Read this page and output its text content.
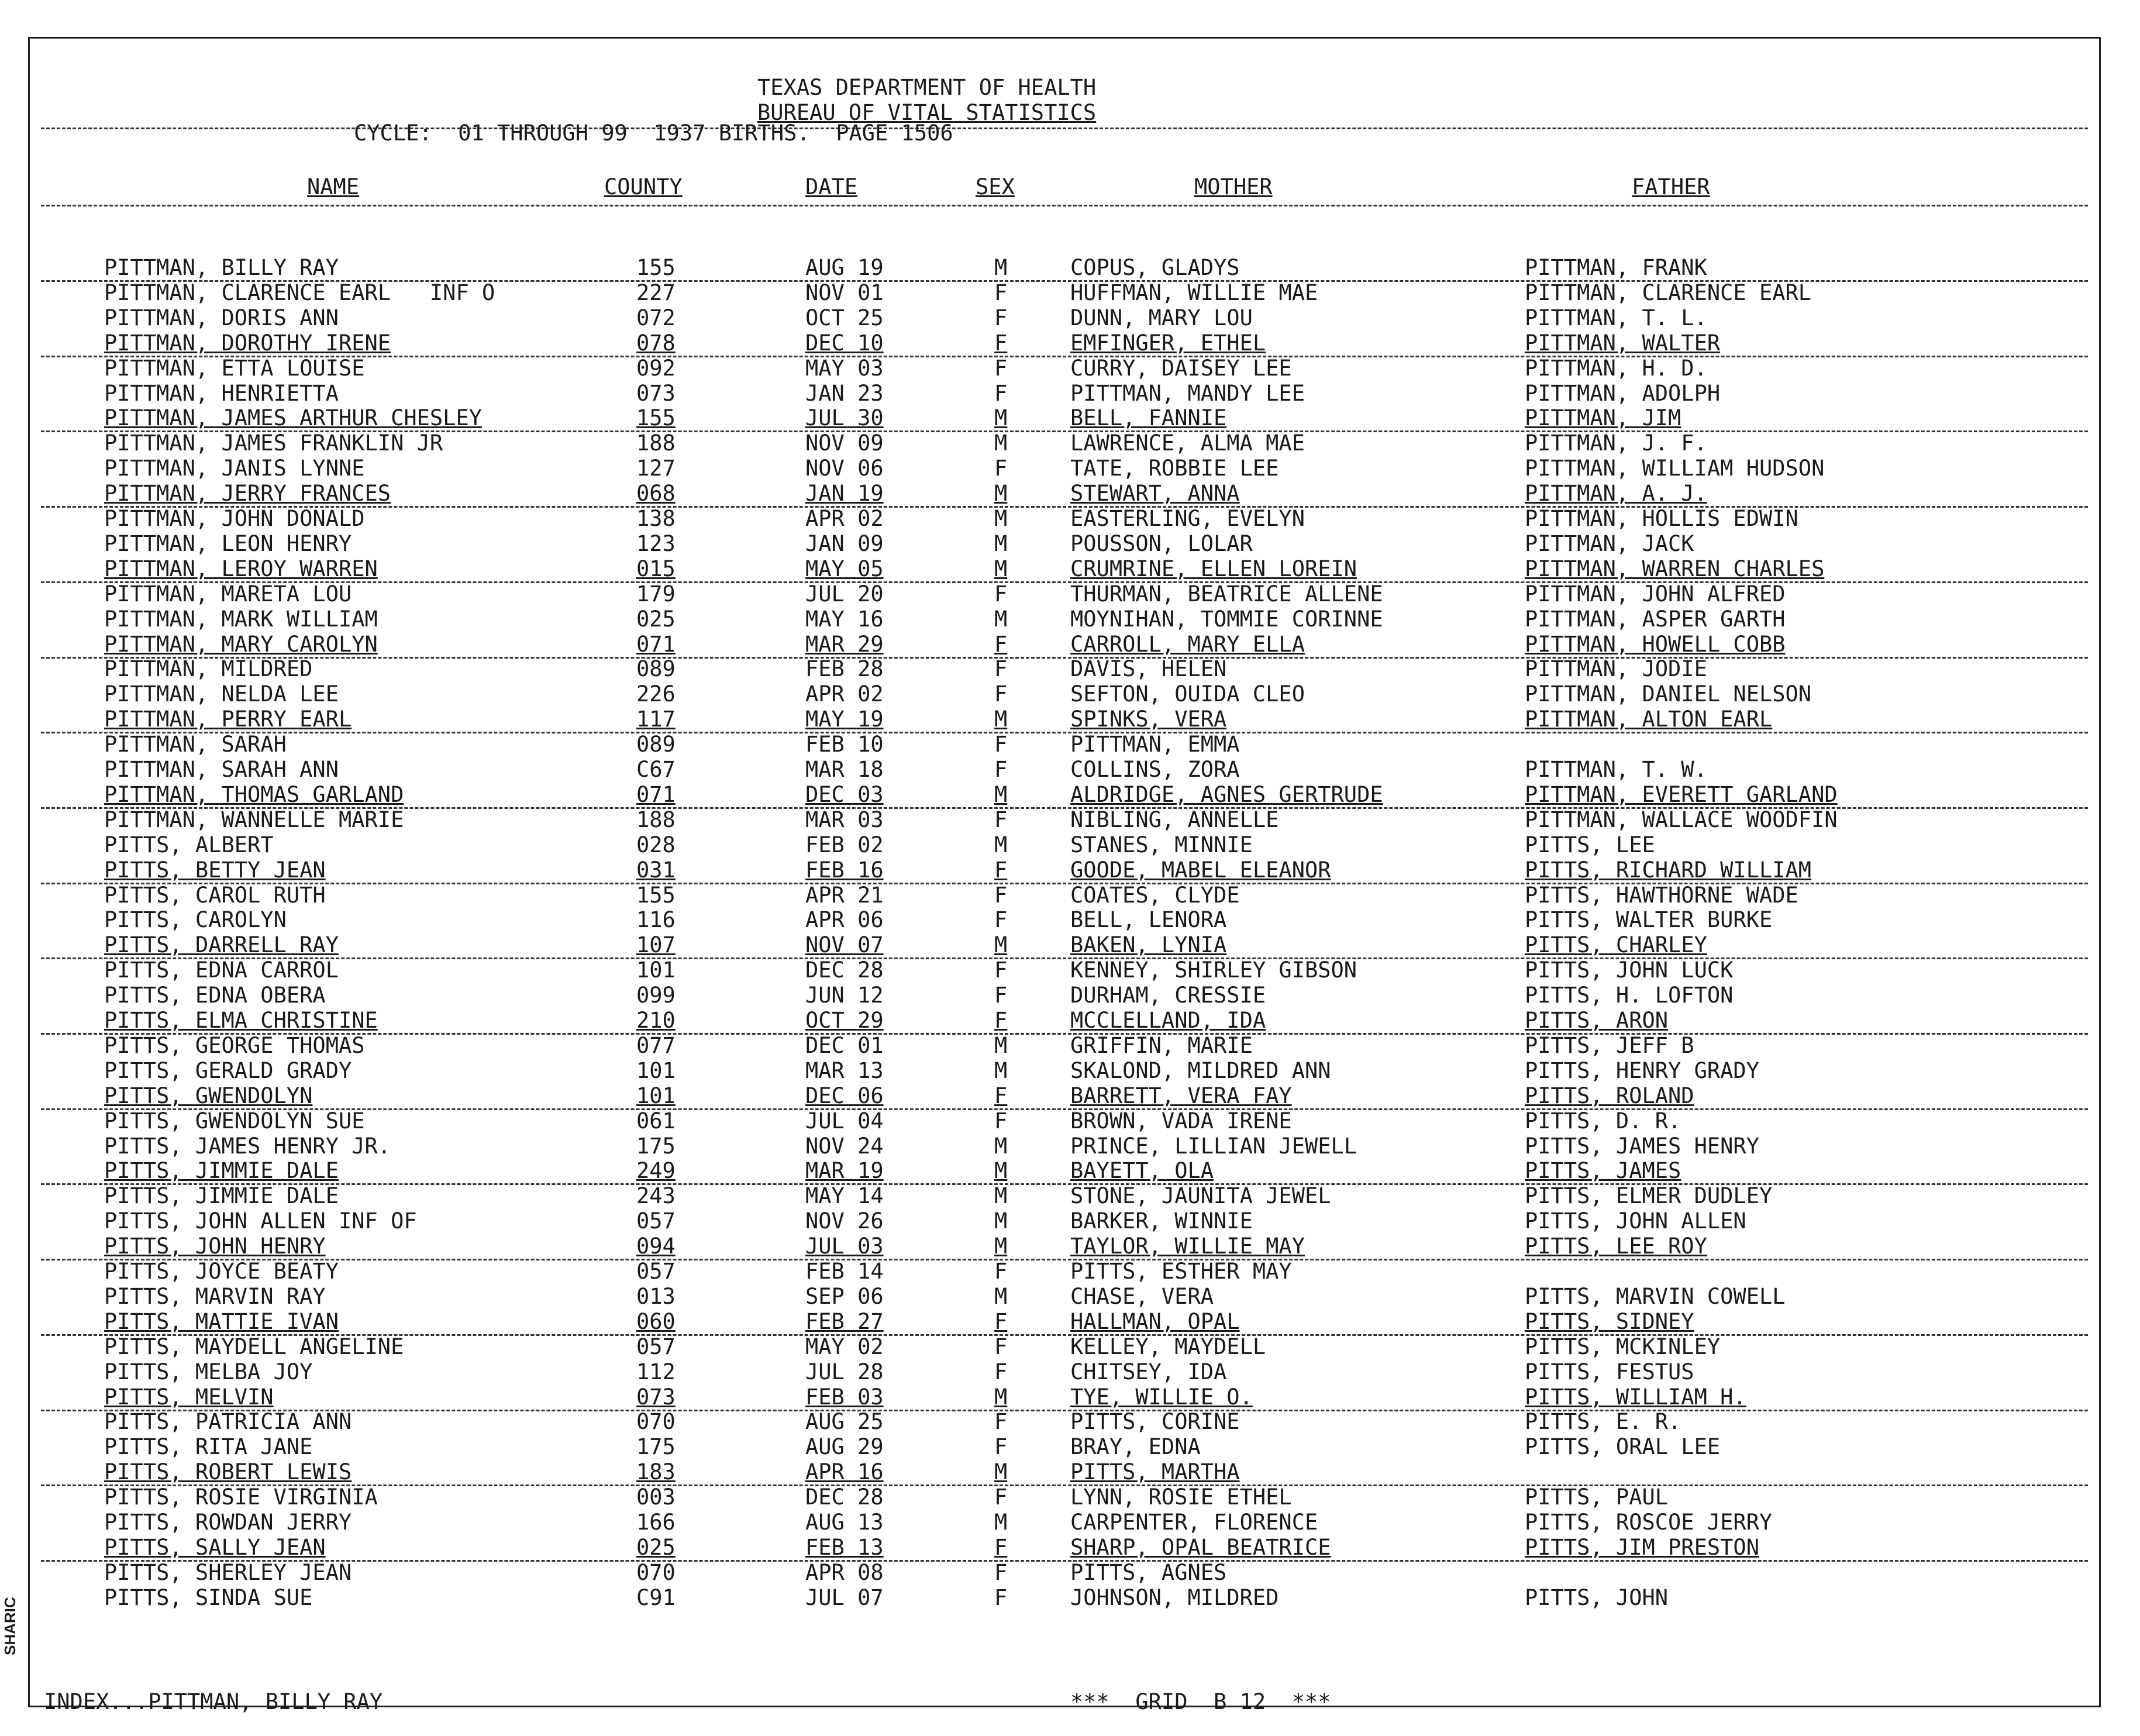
TEXAS DEPARTMENT OF HEALTH
BUREAU OF VITAL STATISTICS
CYCLE:  01 THROUGH 99  1937 BIRTHS.  PAGE 1506
NAME	COUNTY	DATE	SEX	MOTHER	FATHER
PITTMAN, BILLY RAY	155	AUG 19	M	COPUS, GLADYS	PITTMAN, FRANK
PITTMAN, CLARENCE EARL   INF O	227	NOV 01	F	HUFFMAN, WILLIE MAE	PITTMAN, CLARENCE EARL
PITTMAN, DORIS ANN	072	OCT 25	F	DUNN, MARY LOU	PITTMAN, T. L.
PITTMAN, DOROTHY IRENE	078	DEC 10	F	EMFINGER, ETHEL	PITTMAN, WALTER
PITTMAN, ETTA LOUISE	092	MAY 03	F	CURRY, DAISEY LEE	PITTMAN, H. D.
PITTMAN, HENRIETTA	073	JAN 23	F	PITTMAN, MANDY LEE	PITTMAN, ADOLPH
PITTMAN, JAMES ARTHUR CHESLEY	155	JUL 30	M	BELL, FANNIE	PITTMAN, JIM
PITTMAN, JAMES FRANKLIN JR	188	NOV 09	M	LAWRENCE, ALMA MAE	PITTMAN, J. F.
PITTMAN, JANIS LYNNE	127	NOV 06	F	TATE, ROBBIE LEE	PITTMAN, WILLIAM HUDSON
PITTMAN, JERRY FRANCES	068	JAN 19	M	STEWART, ANNA	PITTMAN, A. J.
PITTMAN, JOHN DONALD	138	APR 02	M	EASTERLING, EVELYN	PITTMAN, HOLLIS EDWIN
PITTMAN, LEON HENRY	123	JAN 09	M	POUSSON, LOLAR	PITTMAN, JACK
PITTMAN, LEROY WARREN	015	MAY 05	M	CRUMRINE, ELLEN LOREIN	PITTMAN, WARREN CHARLES
PITTMAN, MARETA LOU	179	JUL 20	F	THURMAN, BEATRICE ALLENE	PITTMAN, JOHN ALFRED
PITTMAN, MARK WILLIAM	025	MAY 16	M	MOYNIHAN, TOMMIE CORINNE	PITTMAN, ASPER GARTH
PITTMAN, MARY CAROLYN	071	MAR 29	F	CARROLL, MARY ELLA	PITTMAN, HOWELL COBB
PITTMAN, MILDRED	089	FEB 28	F	DAVIS, HELEN	PITTMAN, JODIE
PITTMAN, NELDA LEE	226	APR 02	F	SEFTON, OUIDA CLEO	PITTMAN, DANIEL NELSON
PITTMAN, PERRY EARL	117	MAY 19	M	SPINKS, VERA	PITTMAN, ALTON EARL
PITTMAN, SARAH	089	FEB 10	F	PITTMAN, EMMA
PITTMAN, SARAH ANN	C67	MAR 18	F	COLLINS, ZORA	PITTMAN, T. W.
PITTMAN, THOMAS GARLAND	071	DEC 03	M	ALDRIDGE, AGNES GERTRUDE	PITTMAN, EVERETT GARLAND
PITTMAN, WANNELLE MARIE	188	MAR 03	F	NIBLING, ANNELLE	PITTMAN, WALLACE WOODFIN
PITTS, ALBERT	028	FEB 02	M	STANES, MINNIE	PITTS, LEE
PITTS, BETTY JEAN	031	FEB 16	F	GOODE, MABEL ELEANOR	PITTS, RICHARD WILLIAM
PITTS, CAROL RUTH	155	APR 21	F	COATES, CLYDE	PITTS, HAWTHORNE WADE
PITTS, CAROLYN	116	APR 06	F	BELL, LENORA	PITTS, WALTER BURKE
PITTS, DARRELL RAY	107	NOV 07	M	BAKEN, LYNIA	PITTS, CHARLEY
PITTS, EDNA CARROL	101	DEC 28	F	KENNEY, SHIRLEY GIBSON	PITTS, JOHN LUCK
PITTS, EDNA OBERA	099	JUN 12	F	DURHAM, CRESSIE	PITTS, H. LOFTON
PITTS, ELMA CHRISTINE	210	OCT 29	F	MCCLELLAND, IDA	PITTS, ARON
PITTS, GEORGE THOMAS	077	DEC 01	M	GRIFFIN, MARIE	PITTS, JEFF B
PITTS, GERALD GRADY	101	MAR 13	M	SKALOND, MILDRED ANN	PITTS, HENRY GRADY
PITTS, GWENDOLYN	101	DEC 06	F	BARRETT, VERA FAY	PITTS, ROLAND
PITTS, GWENDOLYN SUE	061	JUL 04	F	BROWN, VADA IRENE	PITTS, D. R.
PITTS, JAMES HENRY JR.	175	NOV 24	M	PRINCE, LILLIAN JEWELL	PITTS, JAMES HENRY
PITTS, JIMMIE DALE	249	MAR 19	M	BAYETT, OLA	PITTS, JAMES
PITTS, JIMMIE DALE	243	MAY 14	M	STONE, JAUNITA JEWEL	PITTS, ELMER DUDLEY
PITTS, JOHN ALLEN INF OF	057	NOV 26	M	BARKER, WINNIE	PITTS, JOHN ALLEN
PITTS, JOHN HENRY	094	JUL 03	M	TAYLOR, WILLIE MAY	PITTS, LEE ROY
PITTS, JOYCE BEATY	057	FEB 14	F	PITTS, ESTHER MAY
PITTS, MARVIN RAY	013	SEP 06	M	CHASE, VERA	PITTS, MARVIN COWELL
PITTS, MATTIE IVAN	060	FEB 27	F	HALLMAN, OPAL	PITTS, SIDNEY
PITTS, MAYDELL ANGELINE	057	MAY 02	F	KELLEY, MAYDELL	PITTS, MCKINLEY
PITTS, MELBA JOY	112	JUL 28	F	CHITSEY, IDA	PITTS, FESTUS
PITTS, MELVIN	073	FEB 03	M	TYE, WILLIE O.	PITTS, WILLIAM H.
PITTS, PATRICIA ANN	070	AUG 25	F	PITTS, CORINE	PITTS, E. R.
PITTS, RITA JANE	175	AUG 29	F	BRAY, EDNA	PITTS, ORAL LEE
PITTS, ROBERT LEWIS	183	APR 16	M	PITTS, MARTHA
PITTS, ROSIE VIRGINIA	003	DEC 28	F	LYNN, ROSIE ETHEL	PITTS, PAUL
PITTS, ROWDAN JERRY	166	AUG 13	M	CARPENTER, FLORENCE	PITTS, ROSCOE JERRY
PITTS, SALLY JEAN	025	FEB 13	F	SHARP, OPAL BEATRICE	PITTS, JIM PRESTON
PITTS, SHERLEY JEAN	070	APR 08	F	PITTS, AGNES
PITTS, SINDA SUE	C91	JUL 07	F	JOHNSON, MILDRED	PITTS, JOHN
INDEX...PITTMAN, BILLY RAY	***  GRID  B 12  ***
SHARIC
